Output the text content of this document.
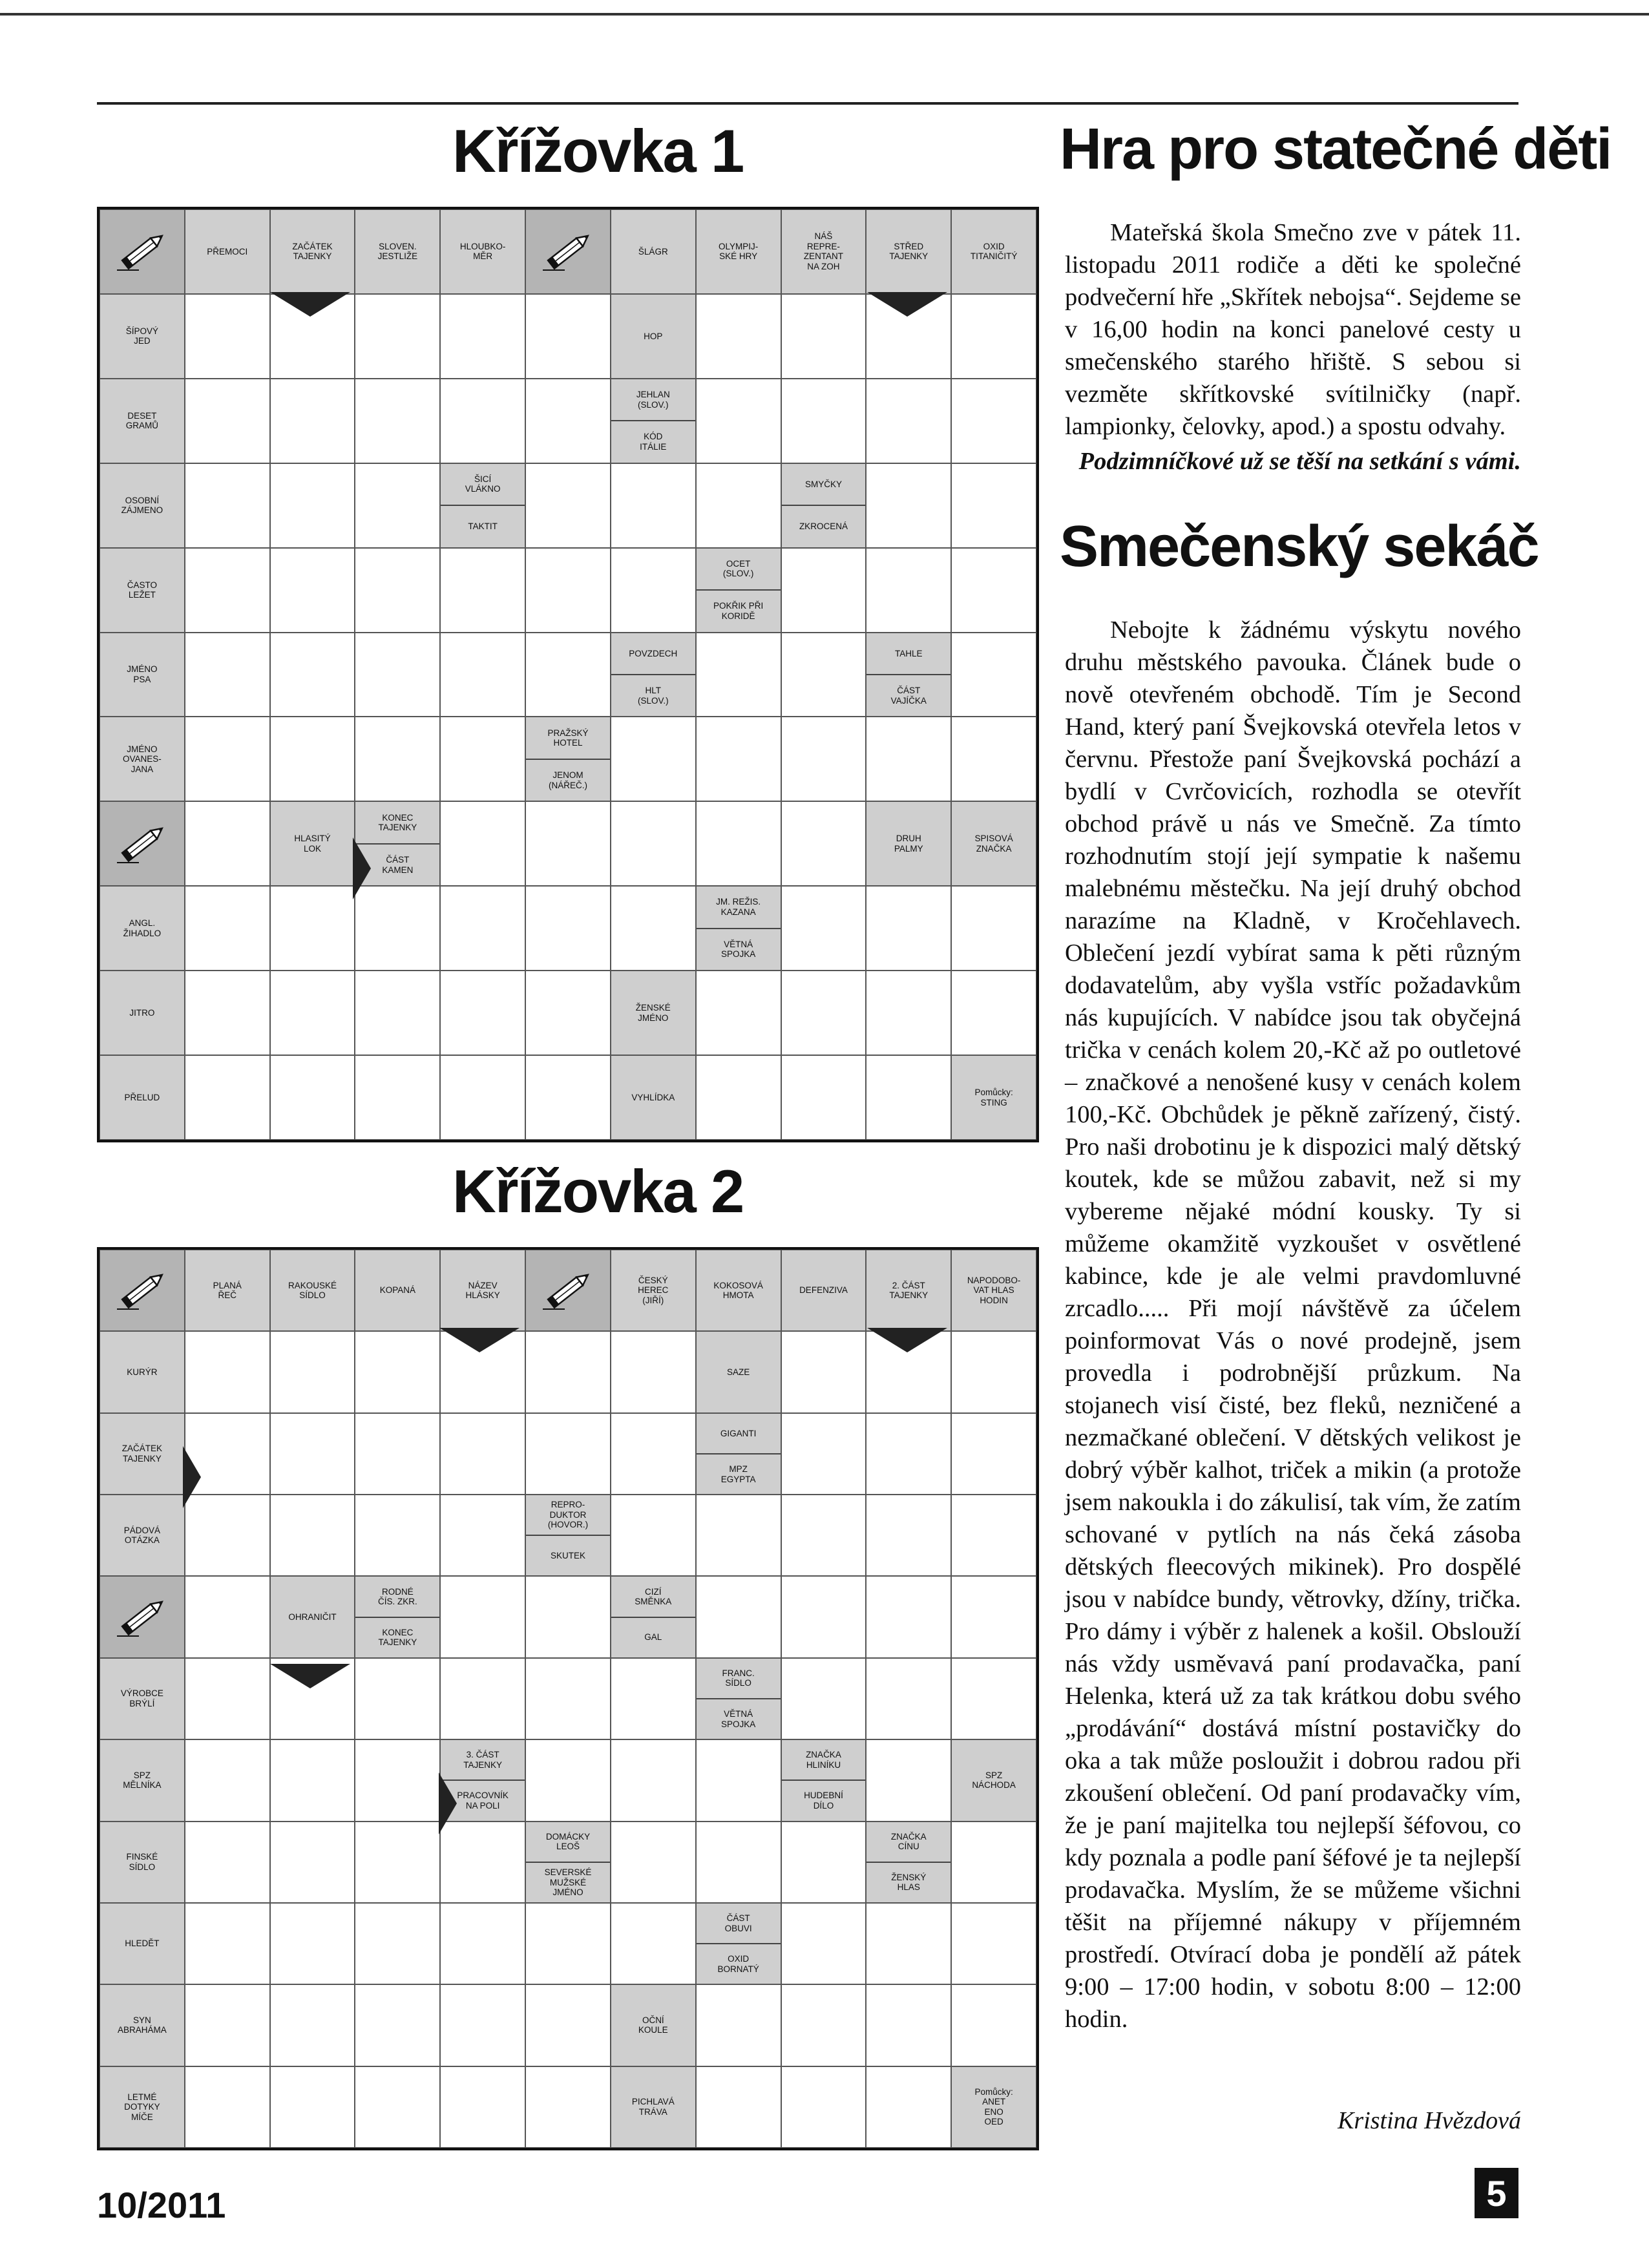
Křížovka 1
Křížovka 2
PŘEMOCI
ZAČÁTEK
TAJENKY
SLOVEN.
JESTLIŽE
HLOUBKO-
MĚR
ŠLÁGR
OLYMPIJ-
SKÉ HRY
NÁŠ
REPRE-
ZENTANT
NA ZOH
STŘED
TAJENKY
OXID
TITANIČITÝ
ŠÍPOVÝ
JED
DESET
GRAMŮ
OSOBNÍ
ZÁJMENO
ČASTO
LEŽET
JMÉNO
PSA
JMÉNO
OVANES-
JANA
ANGL.
ŽIHADLO
JITRO
PŘELUD
HOP
JEHLAN
(SLOV.)
KÓD
ITÁLIE
ŠICÍ
VLÁKNO
TAKTIT
SMYČKY
ZKROCENÁ
OCET
(SLOV.)
POKŘIK PŘI
KORIDĚ
POVZDECH
HLT
(SLOV.)
TAHLE
ČÁST
VAJÍČKA
PRAŽSKÝ
HOTEL
JENOM
(NÁŘEČ.)
HLASITÝ
LOK
KONEC
TAJENKY
ČÁST
KAMEN
DRUH
PALMY
SPISOVÁ
ZNAČKA
JM. REŽIS.
KAZANA
VĚTNÁ
SPOJKA
ŽENSKÉ
JMÉNO
VYHLÍDKA
Pomůcky:
STING
PLANÁ
ŘEČ
RAKOUSKÉ
SÍDLO
KOPANÁ
NÁZEV
HLÁSKY
ČESKÝ
HEREC
(JIŘÍ)
KOKOSOVÁ
HMOTA
DEFENZIVA
2. ČÁST
TAJENKY
NAPODOBO-
VAT HLAS
HODIN
KURÝR
ZAČÁTEK
TAJENKY
PÁDOVÁ
OTÁZKA
VÝROBCE
BRÝLÍ
SPZ
MĚLNÍKA
FINSKÉ
SÍDLO
HLEDĚT
SYN
ABRAHÁMA
LETMÉ
DOTYKY
MÍČE
SAZE
GIGANTI
MPZ
EGYPTA
REPRO-
DUKTOR
(HOVOR.)
SKUTEK
OHRANIČIT
RODNÉ
ČÍS. ZKR.
KONEC
TAJENKY
CIZÍ
SMĚNKA
GAL
FRANC.
SÍDLO
VĚTNÁ
SPOJKA
3. ČÁST
TAJENKY
PRACOVNÍK
NA POLI
ZNAČKA
HLINÍKU
HUDEBNÍ
DÍLO
SPZ
NÁCHODA
DOMÁCKY
LEOŠ
SEVERSKÉ
MUŽSKÉ
JMÉNO
ZNAČKA
CÍNU
ŽENSKÝ
HLAS
ČÁST
OBUVI
OXID
BORNATÝ
OČNÍ
KOULE
PICHLAVÁ
TRÁVA
Pomůcky:
ANET
ENO
OED
Hra pro statečné děti

Mateřská škola Smečno zve v pátek 11. listopadu 2011 rodiče a děti ke společné podvečerní hře „Skřítek nebojsa“. Sejdeme se v 16,00 hodin na konci panelové cesty u smečenského starého hřiště. S sebou si vezměte skřítkovské svítilničky (např. lampionky, čelovky, apod.) a spostu odvahy.

Podzimníčkové už se těší na setkání s vámi.
Smečenský sekáč

Nebojte k žádnému výskytu nového druhu městského pavouka. Článek bude o nově otevřeném obchodě. Tím je Second Hand, který paní Švejkovská otevřela letos v červnu. Přestože paní Švejkovská pochází a bydlí v Cvrčovicích, rozhodla se otevřít obchod právě u nás ve Smečně. Za tímto rozhodnutím stojí její sympatie k našemu malebnému městečku. Na její druhý obchod narazíme na Kladně, v Kročehlavech. Oblečení jezdí vybírat sama k pěti různým dodavatelům, aby vyšla vstříc požadavkům nás kupujících. V nabídce jsou tak obyčejná trička v cenách kolem 20,-Kč až po outletové – značkové a nenošené kusy v cenách kolem 100,-Kč. Obchůdek je pěkně zařízený, čistý. Pro naši drobotinu je k dispozici malý dětský koutek, kde se můžou zabavit, než si my vybereme nějaké módní kousky. Ty si můžeme okamžitě vyzkoušet v osvětlené kabince, kde je ale velmi pravdomluvné zrcadlo..... Při mojí návštěvě za účelem poinformovat Vás o nové prodejně, jsem provedla i podrobnější průzkum. Na stojanech visí čisté, bez fleků, nezničené a nezmačkané oblečení. V dětských velikost je dobrý výběr kalhot, triček a mikin (a protože jsem nakoukla i do zákulisí, tak vím, že zatím schované v pytlích na nás čeká zásoba dětských fleecových mikinek). Pro dospělé jsou v nabídce bundy, větrovky, džíny, trička. Pro dámy i výběr z halenek a košil. Obslouží nás vždy usměvavá paní prodavačka, paní Helenka, která už za tak krátkou dobu svého „prodávání“ dostává místní postavičky do oka a tak může posloužit i dobrou radou při zkoušení oblečení. Od paní prodavačky vím, že je paní majitelka tou nejlepší šéfovou, co kdy poznala a podle paní šéfové je ta nejlepší prodavačka. Myslím, že se můžeme všichni těšit na příjemné nákupy v příjemném prostředí. Otvírací doba je pondělí až pátek 9:00 – 17:00 hodin, v sobotu 8:00 – 12:00 hodin.

Kristina Hvězdová
10/2011	5
